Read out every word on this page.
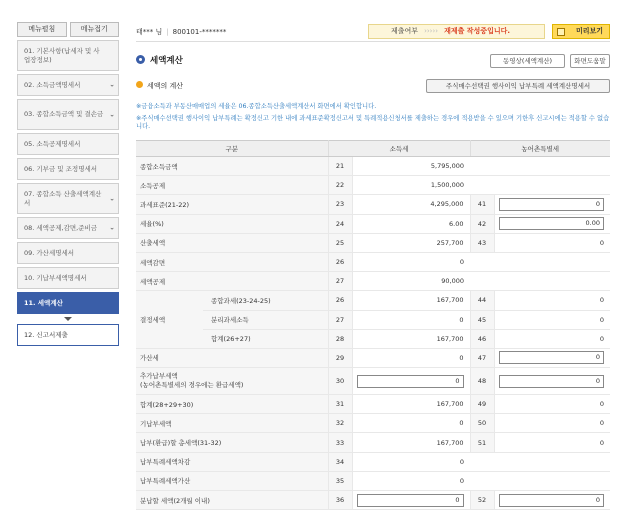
메뉴펼침	메뉴접기
01. 기본사항(납세자 및 사업장정보)
02. 소득금액명세서	⌄
03. 종합소득금액 및 결손금 ⌄
05. 소득공제명세서
06. 기부금 및 조정명세서
07. 종합소득 산출세액계산서
⌄
08. 세액공제,감면,준비금 ⌄
09. 가산세명세서
10. 기납부세액명세서
11. 세액계산
12. 신고서제출
태*** 님 | 800101-*******	제출여부 ››››› 재제출 작성중입니다.	미리보기
세액계산	동영상(세액계산)	화면도움말
세액의 계산	주식매수선택권 행사이익 납부특례 세액계산명세서
※금융소득과 부동산매매업의 세율은 06.종합소득산출세액계산서 화면에서 확인합니다.
※주식매수선택권 행사이익 납부특례는 확정신고 기한 내에 과세표준확정신고서 및 특례적용신청서를 제출하는 경우에 적용받을 수 있으며 기한후 신고시에는 적용할 수 없습니다.
구분		소득세		농어촌특별세	
종합소득금액		21	5,795,000		
소득공제		22	1,500,000		
과세표준(21-22)		23	4,295,000	41	0

세율(%)		24	6.00	42	0.00

산출세액		25	257,700	43	0
세액감면		26	0		
세액공제		27	90,000		
결정세액	종합과세(23-24-25)	26	167,700	44	0
	분리과세소득	27	0	45	0
	합계(26+27)	28	167,700	46	0
가산세		29	0	47	0

추가납부세액
(농어촌특별세의 경우에는 환급세액)		30	0	48	0

합계(28+29+30)		31	167,700	49	0
기납부세액		32	0	50	0
납부(환급)할 총세액(31-32)		33	167,700	51	0
납부특례세액차감		34	0		
납부특례세액가산		35	0		
분납할 세액(2개월 이내)		36	0	52	0
